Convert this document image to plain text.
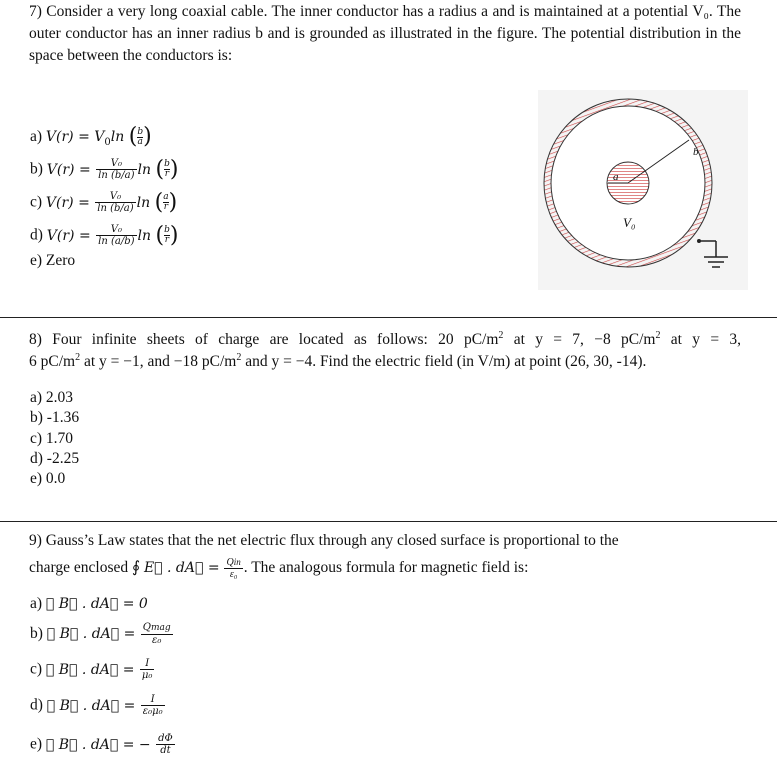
7) Consider a very long coaxial cable. The inner conductor has a radius a and is maintained at a potential V₀. The outer conductor has an inner radius b and is grounded as illustrated in the figure. The potential distribution in the space between the conductors is:
a) $V(r) = V_0\ln$ ( $\frac{b}{a}$ )
b) $V(r) = \frac{\text{V₀}}{\ln (b/a)}$ ln ( $\frac{b}{r}$ )
c) $V(r) = \frac{\text{V₀}}{\ln (b/a)}$ ln ( $\frac{a}{r}$ )
d) $V(r) = \frac{\text{V₀}}{\ln (a/b)}$ ln ( $\frac{b}{r}$ )
e) Zero
a
b
V₀
8) Four infinite sheets of charge are located as follows: 20 $pC/m^2$ at y = 7, −8 $pC/m^2$ at y = 3,
6 $pC/m^2$ at y = −1, and −18 $pC/m^2$ and y = −4. Find the electric field (in V/m) at point (26, 30, -14).
a) 2.03
b) -1.36
c) 1.70
d) -2.25
e) 0.0
9) Gauss’s Law states that the net electric flux through any closed surface is proportional to the
charge enclosed ∮ E⃗ . dA⃗ = $\frac{\text{Qin}}{\text{ε₀}}$ . The analogous formula for magnetic field is:
a) ∮ B⃗ . dA⃗ = 0
b) ∮ B⃗ . dA⃗ = $\frac{\text{Qmag}}{\text{ε₀}}$
c) ∮ B⃗ . dA⃗ = $\frac{I}{\text{μ₀}}$
d) ∮ B⃗ . dA⃗ = $\frac{I}{\text{ε₀μ₀}}$
e) ∮ B⃗ . dA⃗ = − $\frac{d\Phi}{dt}$
